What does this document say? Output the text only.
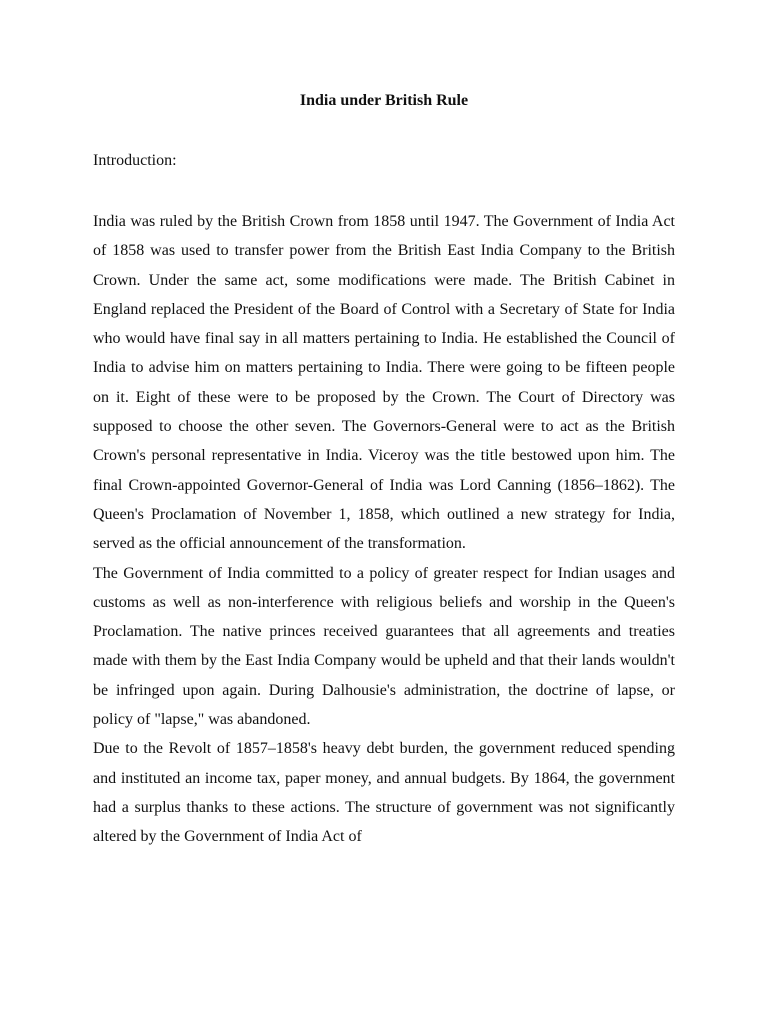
India under British Rule
Introduction:

India was ruled by the British Crown from 1858 until 1947. The Government of India Act of 1858 was used to transfer power from the British East India Company to the British Crown. Under the same act, some modifications were made. The British Cabinet in England replaced the President of the Board of Control with a Secretary of State for India who would have final say in all matters pertaining to India. He established the Council of India to advise him on matters pertaining to India. There were going to be fifteen people on it. Eight of these were to be proposed by the Crown. The Court of Directory was supposed to choose the other seven. The Governors-General were to act as the British Crown's personal representative in India. Viceroy was the title bestowed upon him. The final Crown-appointed Governor-General of India was Lord Canning (1856–1862). The Queen's Proclamation of November 1, 1858, which outlined a new strategy for India, served as the official announcement of the transformation.

The Government of India committed to a policy of greater respect for Indian usages and customs as well as non-interference with religious beliefs and worship in the Queen's Proclamation. The native princes received guarantees that all agreements and treaties made with them by the East India Company would be upheld and that their lands wouldn't be infringed upon again. During Dalhousie's administration, the doctrine of lapse, or policy of "lapse," was abandoned.

Due to the Revolt of 1857–1858's heavy debt burden, the government reduced spending and instituted an income tax, paper money, and annual budgets. By 1864, the government had a surplus thanks to these actions. The structure of government was not significantly altered by the Government of India Act of
